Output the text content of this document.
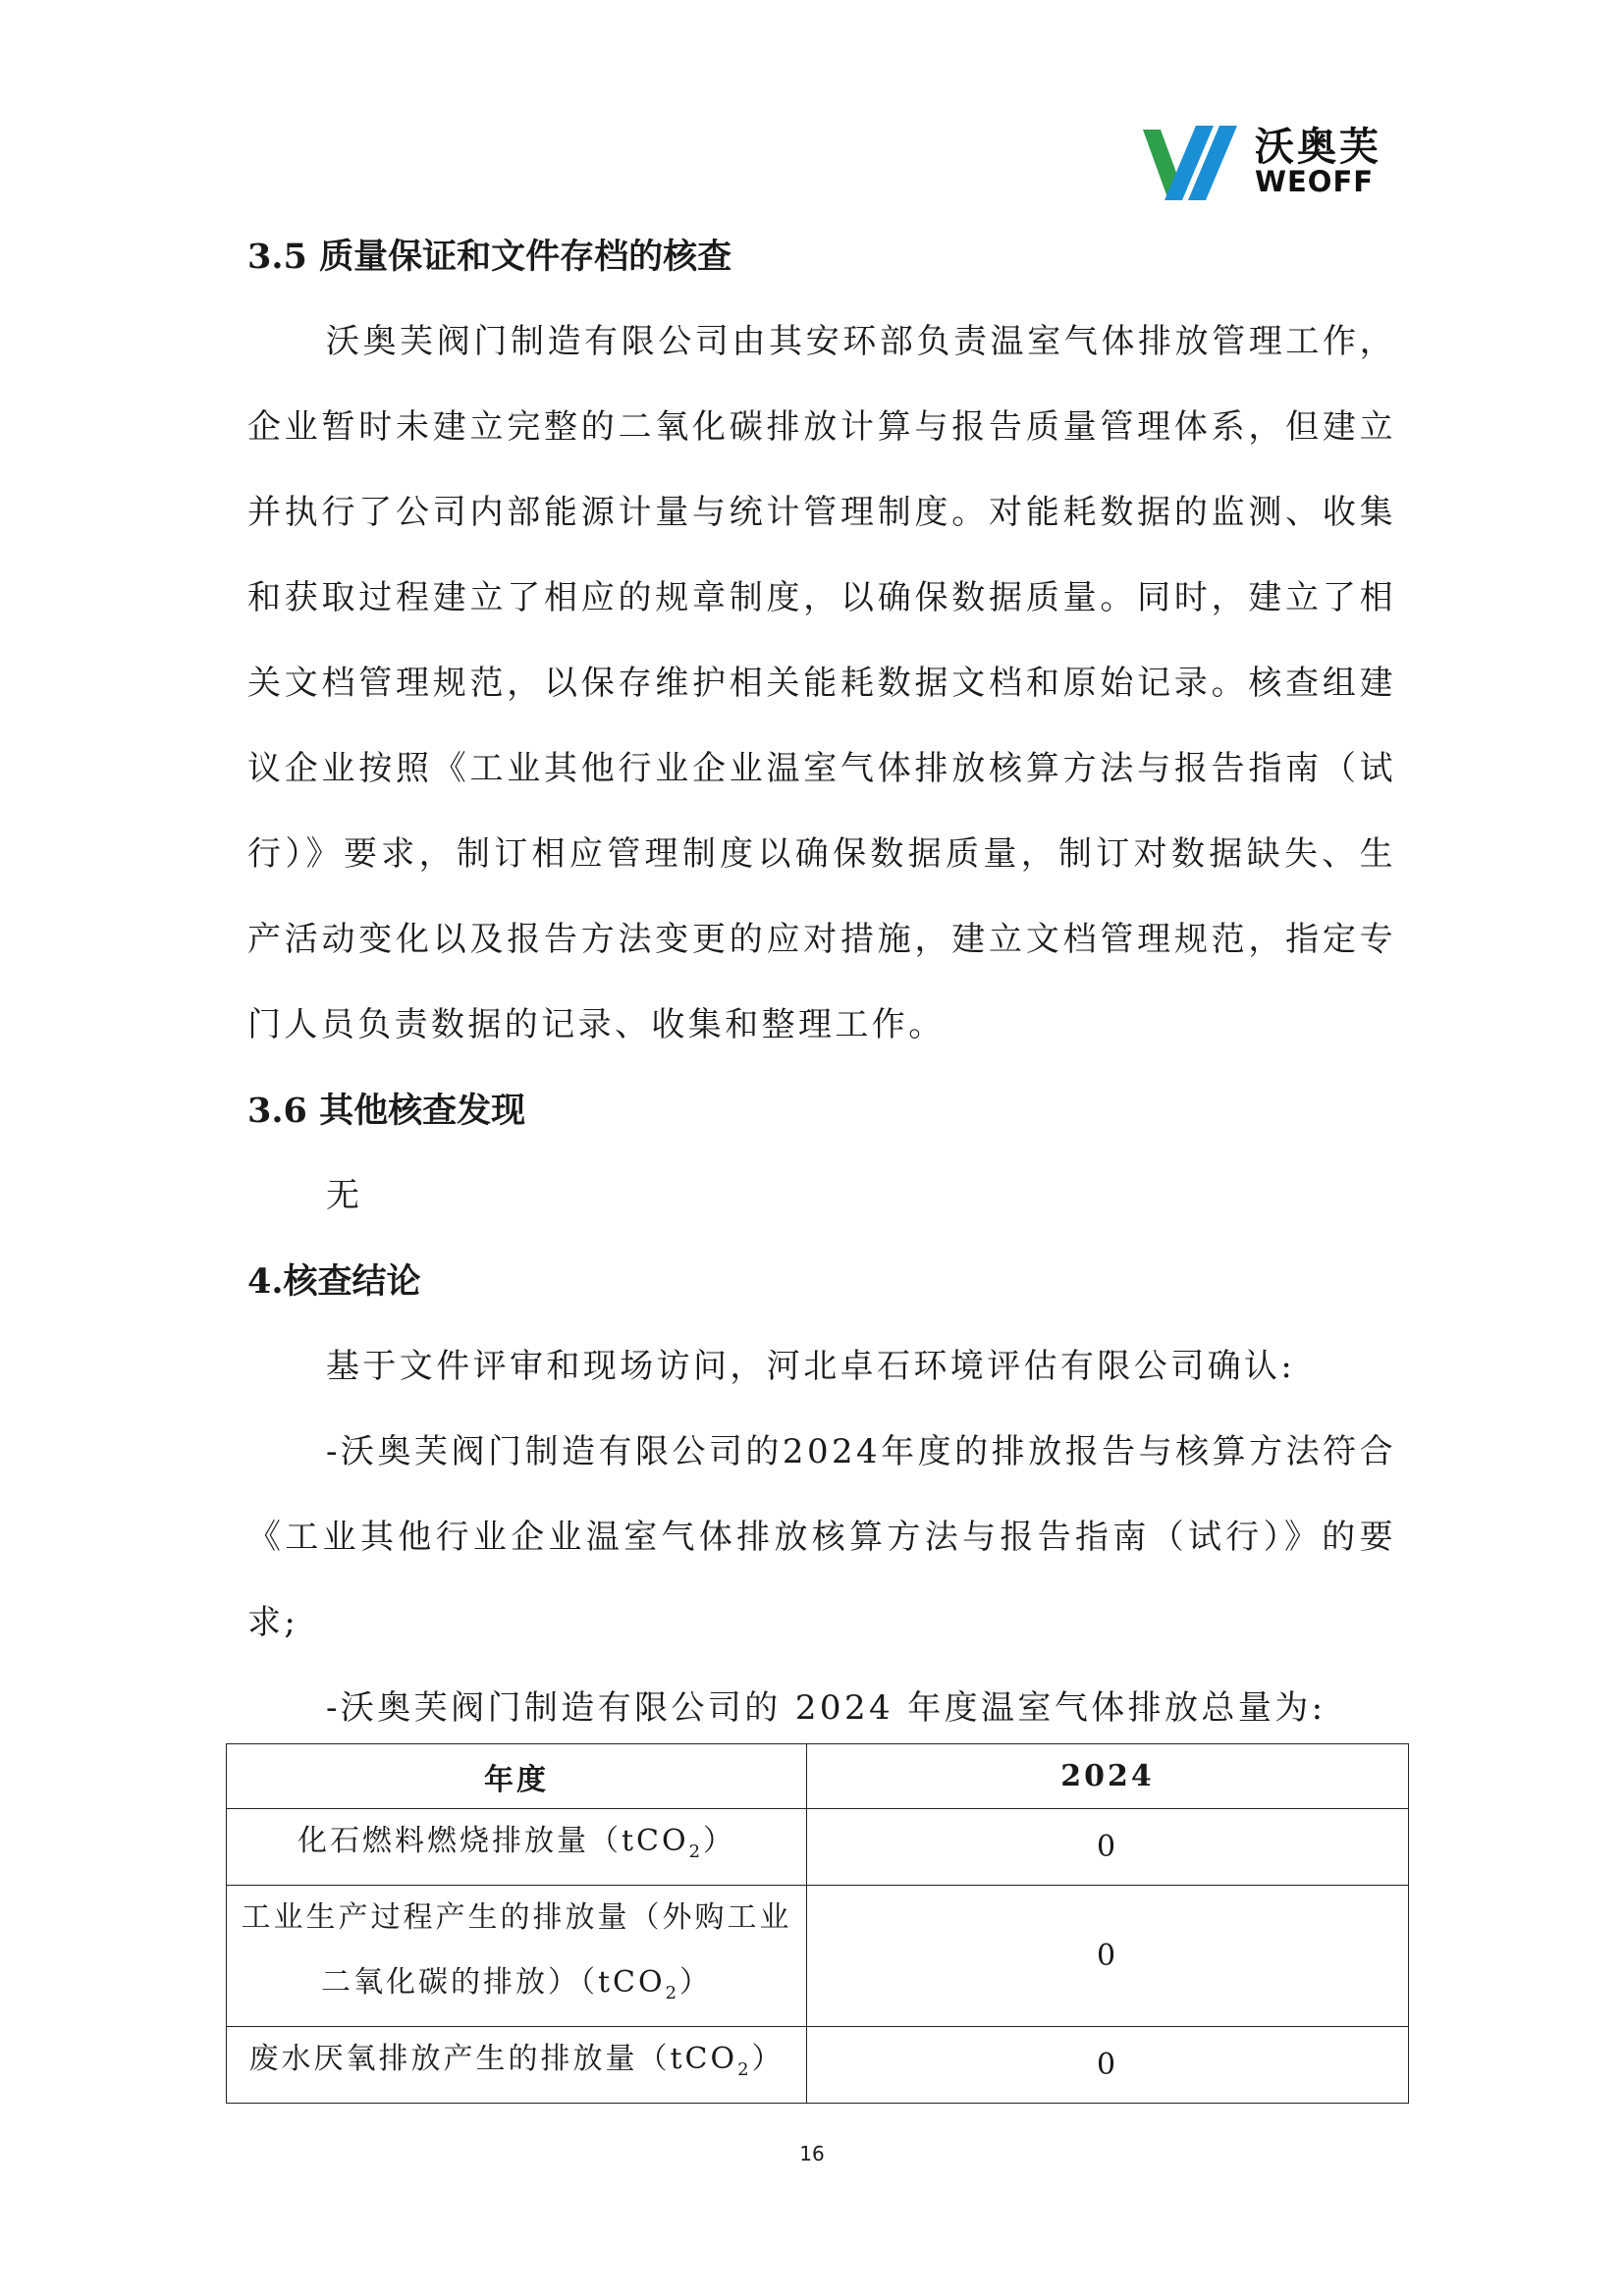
沃奥芙
WEOFF
3.5 质量保证和文件存档的核查

沃奥芙阀门制造有限公司由其安环部负责温室气体排放管理工作，企业暂时未建立完整的二氧化碳排放计算与报告质量管理体系，但建立并执行了公司内部能源计量与统计管理制度。对能耗数据的监测、收集和获取过程建立了相应的规章制度，以确保数据质量。同时，建立了相关文档管理规范，以保存维护相关能耗数据文档和原始记录。核查组建议企业按照《工业其他行业企业温室气体排放核算方法与报告指南（试行）》要求，制订相应管理制度以确保数据质量，制订对数据缺失、生产活动变化以及报告方法变更的应对措施，建立文档管理规范，指定专门人员负责数据的记录、收集和整理工作。

3.6 其他核查发现

无

4.核查结论

基于文件评审和现场访问，河北卓石环境评估有限公司确认:

-沃奥芙阀门制造有限公司的2024年度的排放报告与核算方法符合《工业其他行业企业温室气体排放核算方法与报告指南（试行）》的要求;

-沃奥芙阀门制造有限公司的 2024 年度温室气体排放总量为:

年度	2024
化石燃料燃烧排放量（tCO$_2$）	0
工业生产过程产生的排放量（外购工业
二氧化碳的排放）（tCO$_2$）	0
废水厌氧排放产生的排放量（tCO$_2$）	0
16
